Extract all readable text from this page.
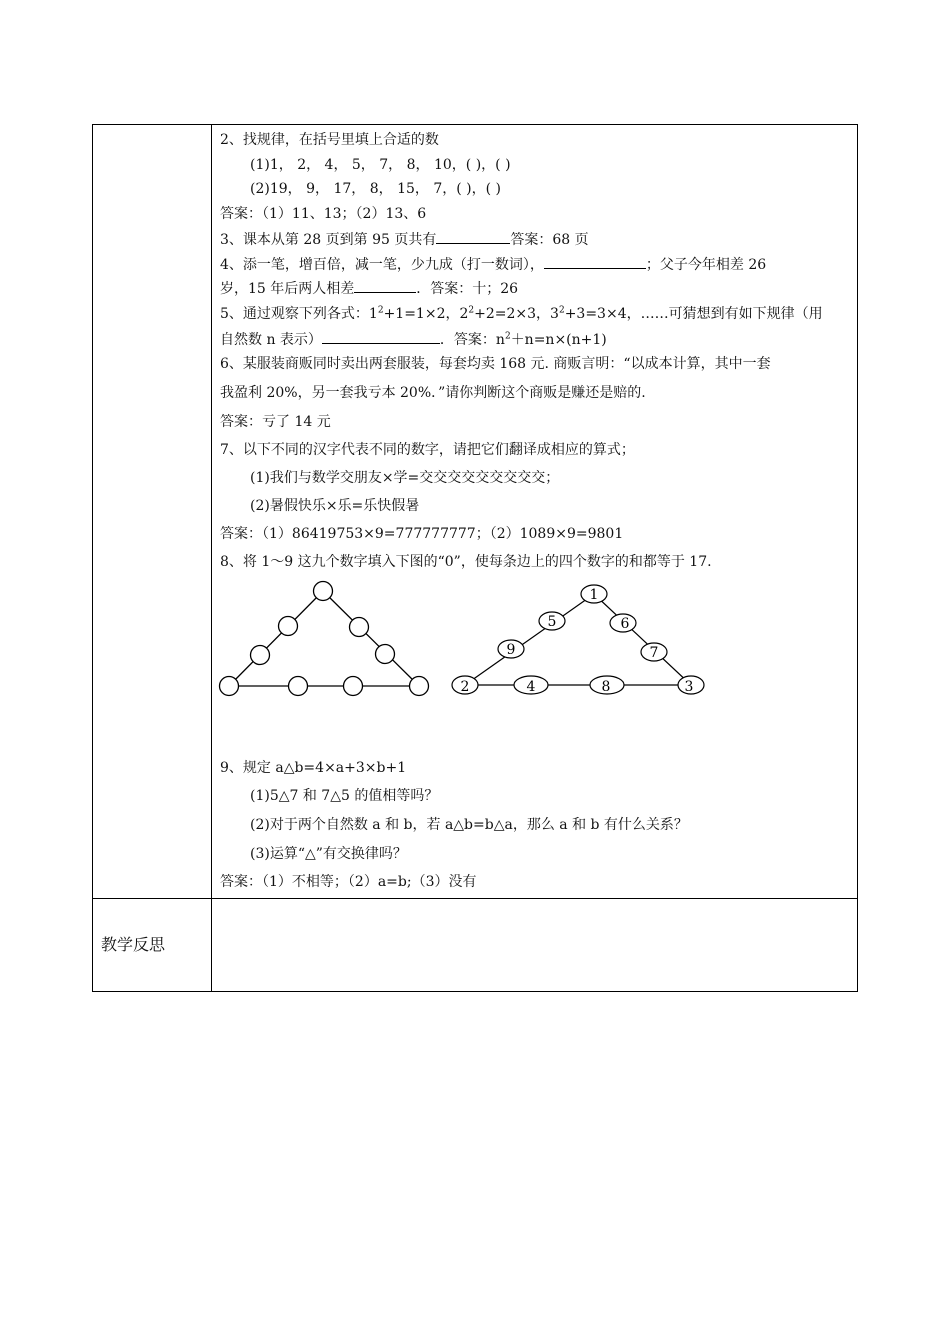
教学反思
2、找规律，在括号里填上合适的数
(1)1， 2， 4， 5， 7， 8， 10，( )，( )
(2)19， 9， 17， 8， 15， 7，( )，( )
答案：（1）11、13；（2）13、6
3、课本从第 28 页到第 95 页共有	答案：68 页
4、添一笔，增百倍，减一笔，少九成（打一数词），	；父子今年相差 26
岁，15 年后两人相差	．答案：十；26
5、通过观察下列各式：$1^2+1=1\times 2$，$2^2+2=2\times 3$，$3^2+3=3\times 4$，……可猜想到有如下规律（用
自然数 n 表示）	．答案：$n^2+n=n\times(n+1)$
6、某服装商贩同时卖出两套服装，每套均卖 168 元. 商贩言明：“以成本计算，其中一套
我盈利 20%，另一套我亏本 20%．”请你判断这个商贩是赚还是赔的.
答案：亏了 14 元
7、以下不同的汉字代表不同的数字，请把它们翻译成相应的算式；
(1)我们与数学交朋友×学=交交交交交交交交交；
(2)暑假快乐×乐=乐快假暑
答案：（1）86419753×9=777777777；（2）1089×9=9801
8、将 1～9 这九个数字填入下图的“0”，使每条边上的四个数字的和都等于 17.
9、规定 a△b=4×a+3×b+1
(1)5△7 和 7△5 的值相等吗？
(2)对于两个自然数 a 和 b，若 a△b=b△a，那么 a 和 b 有什么关系？
(3)运算“△”有交换律吗？
答案：（1）不相等；（2）a=b;（3）没有
1
5
9
6
7
2	4	8	3
